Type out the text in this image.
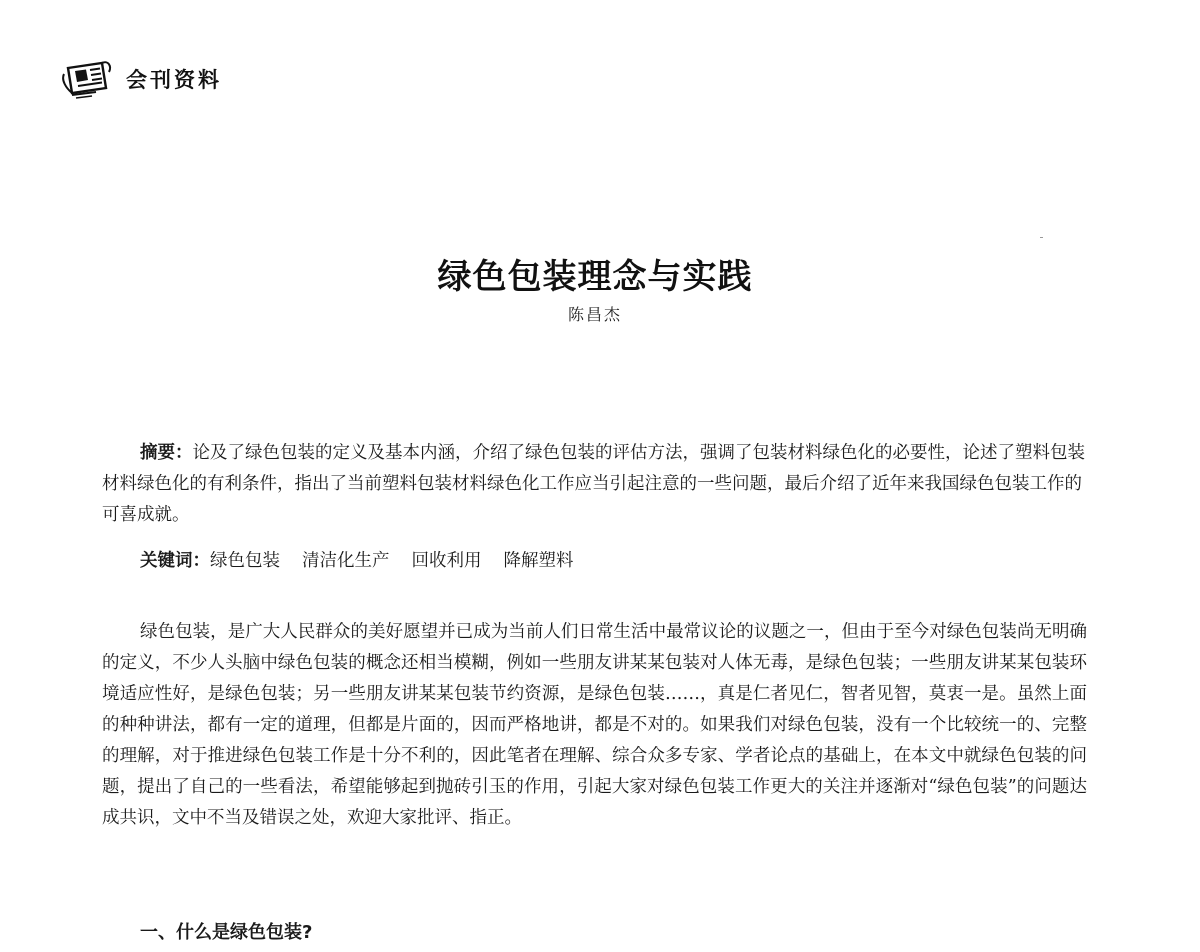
会刊资料
绿色包装理念与实践
陈昌杰

摘要：论及了绿色包装的定义及基本内涵，介绍了绿色包装的评估方法，强调了包装材料绿色化的必要性，论述了塑料包装材料绿色化的有利条件，指出了当前塑料包装材料绿色化工作应当引起注意的一些问题，最后介绍了近年来我国绿色包装工作的可喜成就。

关键词：绿色包装 清洁化生产 回收利用 降解塑料

绿色包装，是广大人民群众的美好愿望并已成为当前人们日常生活中最常议论的议题之一，但由于至今对绿色包装尚无明确的定义，不少人头脑中绿色包装的概念还相当模糊，例如一些朋友讲某某包装对人体无毒，是绿色包装；一些朋友讲某某包装环境适应性好，是绿色包装；另一些朋友讲某某包装节约资源，是绿色包装……，真是仁者见仁，智者见智，莫衷一是。虽然上面的种种讲法，都有一定的道理，但都是片面的，因而严格地讲，都是不对的。如果我们对绿色包装，没有一个比较统一的、完整的理解，对于推进绿色包装工作是十分不利的，因此笔者在理解、综合众多专家、学者论点的基础上，在本文中就绿色包装的问题，提出了自己的一些看法，希望能够起到抛砖引玉的作用，引起大家对绿色包装工作更大的关注并逐渐对“绿色包装”的问题达成共识，文中不当及错误之处，欢迎大家批评、指正。

一、什么是绿色包装?
